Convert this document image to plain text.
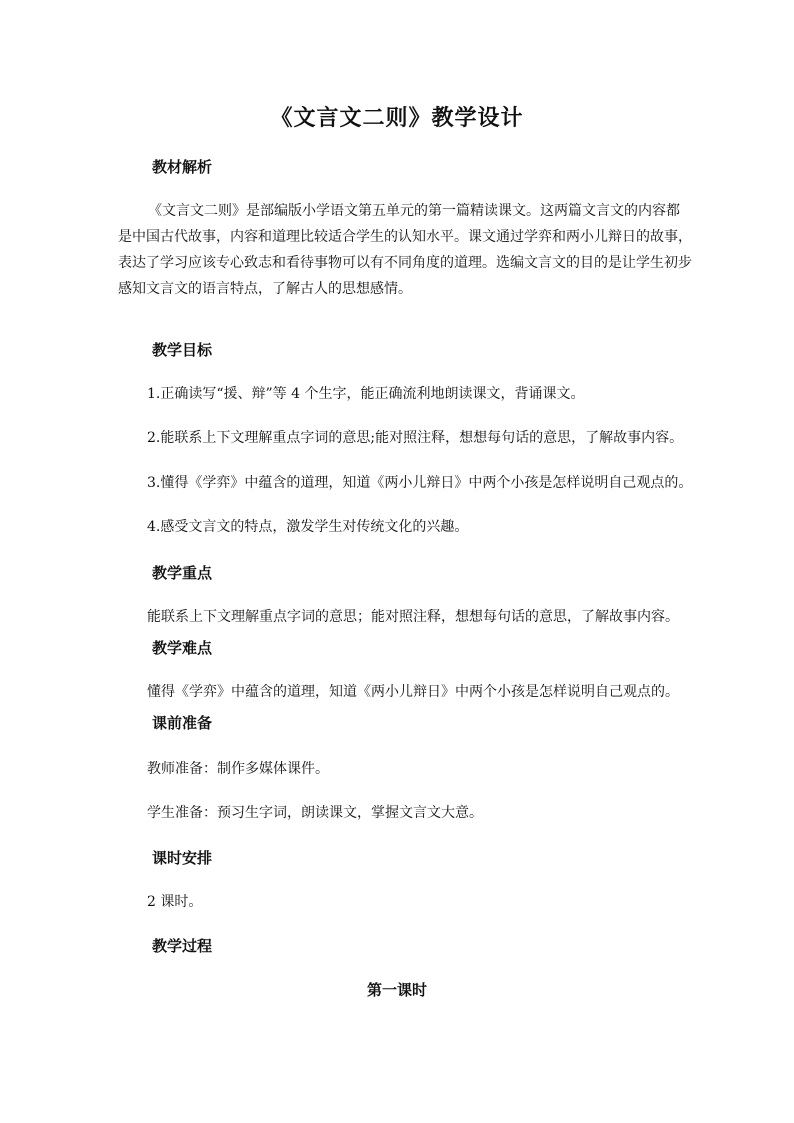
《文言文二则》教学设计
教材解析

《文言文二则》是部编版小学语文第五单元的第一篇精读课文。这两篇文言文的内容都是中国古代故事，内容和道理比较适合学生的认知水平。课文通过学弈和两小儿辩日的故事，表达了学习应该专心致志和看待事物可以有不同角度的道理。选编文言文的目的是让学生初步感知文言文的语言特点，了解古人的思想感情。

教学目标
1.正确读写“援、辩”等 4 个生字，能正确流利地朗读课文，背诵课文。
2.能联系上下文理解重点字词的意思;能对照注释，想想每句话的意思，了解故事内容。
3.懂得《学弈》中蕴含的道理，知道《两小儿辩日》中两个小孩是怎样说明自己观点的。
4.感受文言文的特点，激发学生对传统文化的兴趣。
教学重点
能联系上下文理解重点字词的意思；能对照注释，想想每句话的意思，了解故事内容。
教学难点
懂得《学弈》中蕴含的道理，知道《两小儿辩日》中两个小孩是怎样说明自己观点的。
课前准备
教师准备：制作多媒体课件。
学生准备：预习生字词，朗读课文，掌握文言文大意。
课时安排
2 课时。
教学过程
第一课时
